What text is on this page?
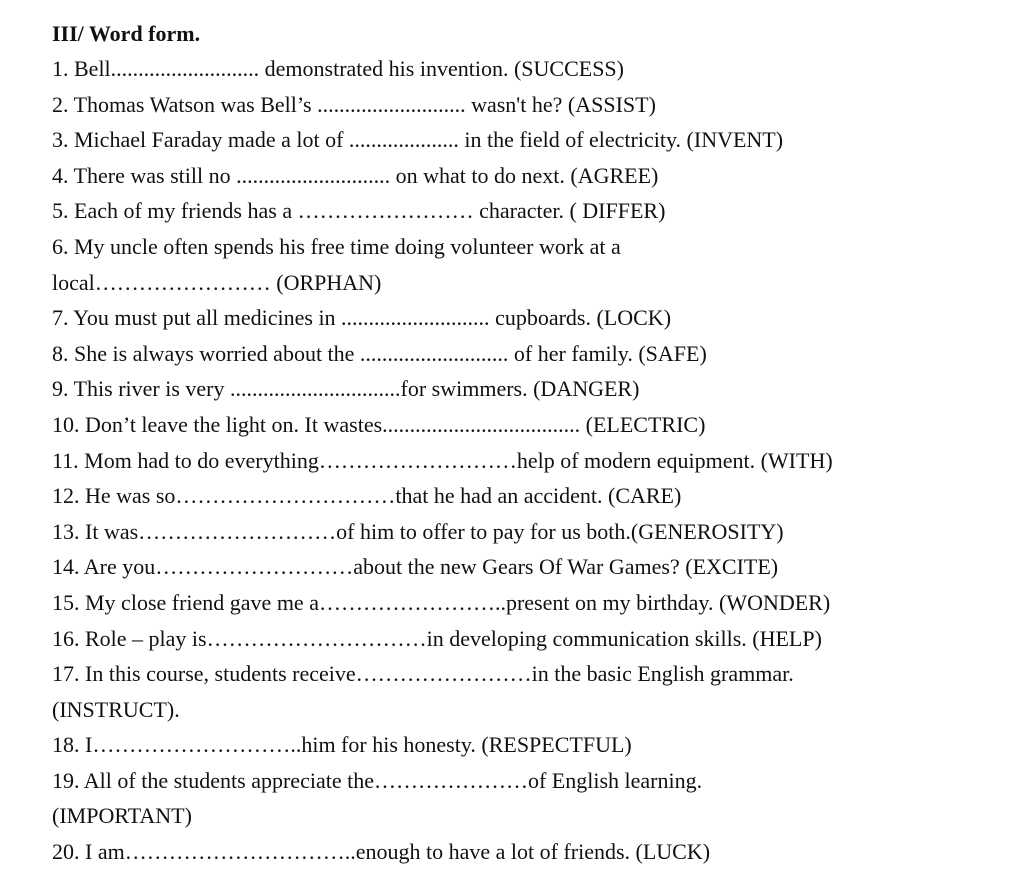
III/ Word form.
1. Bell........................... demonstrated his invention. (SUCCESS)
2. Thomas Watson was Bell’s ........................... wasn't he? (ASSIST)
3. Michael Faraday made a lot of .................... in the field of electricity. (INVENT)
4. There was still no ............................ on what to do next. (AGREE)
5. Each of my friends has a …………………… character. ( DIFFER)
6. My uncle often spends his free time doing volunteer work at a
local…………………… (ORPHAN)
7. You must put all medicines in ........................... cupboards. (LOCK)
8. She is always worried about the ........................... of her family. (SAFE)
9. This river is very ...............................for swimmers. (DANGER)
10. Don’t leave the light on. It wastes.................................... (ELECTRIC)
11. Mom had to do everything………………………help of modern equipment. (WITH)
12. He was so…………………………that he had an accident. (CARE)
13. It was………………………of him to offer to pay for us both.(GENEROSITY)
14. Are you………………………about the new Gears Of War Games? (EXCITE)
15. My close friend gave me a……………………..present on my birthday. (WONDER)
16. Role – play is…………………………in developing communication skills. (HELP)
17. In this course, students receive……………………in the basic English grammar.
(INSTRUCT).
18. I………………………..him for his honesty. (RESPECTFUL)
19. All of the students appreciate the…………………of English learning.
(IMPORTANT)
20. I am…………………………..enough to have a lot of friends. (LUCK)
